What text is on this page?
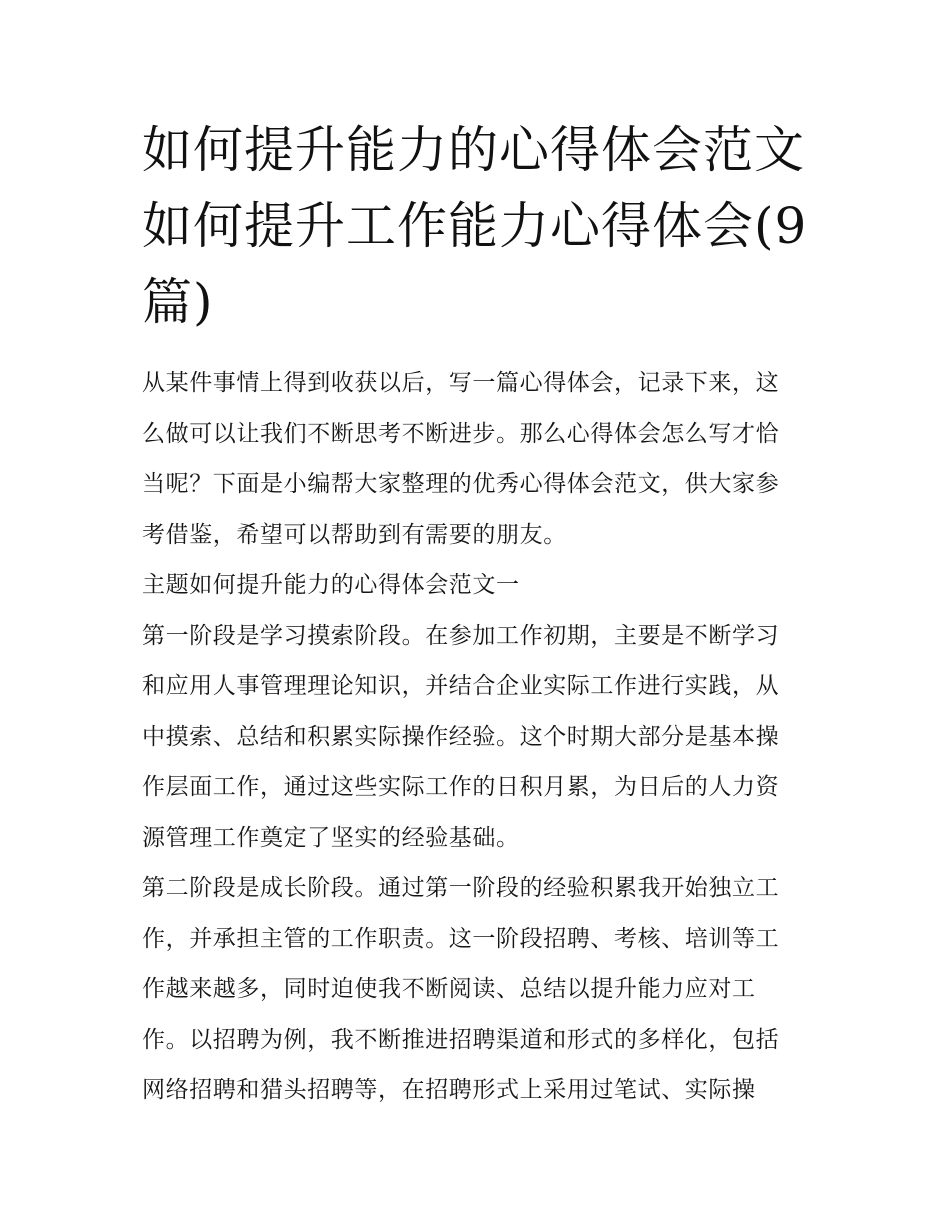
如何提升能力的心得体会范文
如何提升工作能力心得体会(9
篇)

从某件事情上得到收获以后，写一篇心得体会，记录下来，这
么做可以让我们不断思考不断进步。那么心得体会怎么写才恰
当呢？下面是小编帮大家整理的优秀心得体会范文，供大家参
考借鉴，希望可以帮助到有需要的朋友。

主题如何提升能力的心得体会范文一

第一阶段是学习摸索阶段。在参加工作初期，主要是不断学习
和应用人事管理理论知识，并结合企业实际工作进行实践，从
中摸索、总结和积累实际操作经验。这个时期大部分是基本操
作层面工作，通过这些实际工作的日积月累，为日后的人力资
源管理工作奠定了坚实的经验基础。

第二阶段是成长阶段。通过第一阶段的经验积累我开始独立工
作，并承担主管的工作职责。这一阶段招聘、考核、培训等工
作越来越多，同时迫使我不断阅读、总结以提升能力应对工
作。以招聘为例，我不断推进招聘渠道和形式的多样化，包括
网络招聘和猎头招聘等，在招聘形式上采用过笔试、实际操
